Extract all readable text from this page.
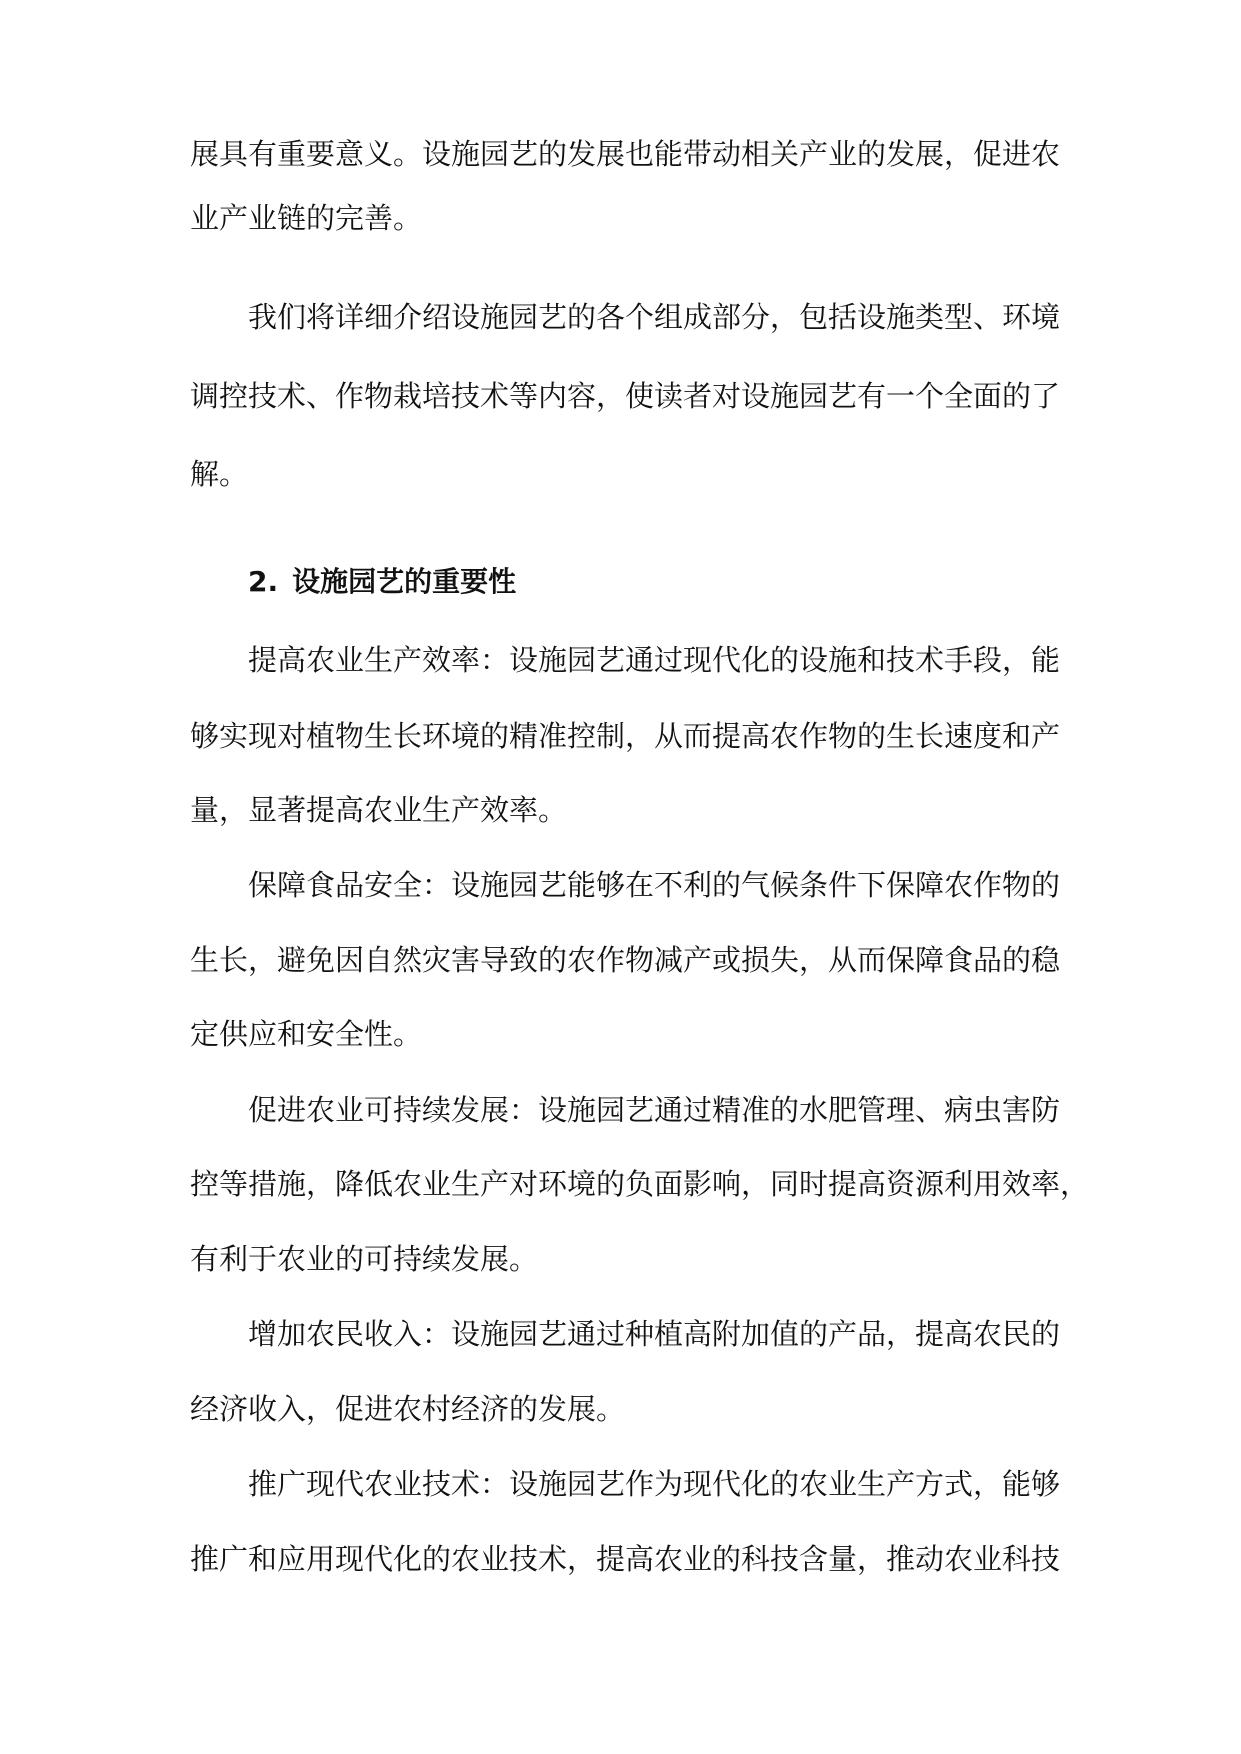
展具有重要意义。设施园艺的发展也能带动相关产业的发展，促进农
业产业链的完善。
我们将详细介绍设施园艺的各个组成部分，包括设施类型、环境
调控技术、作物栽培技术等内容，使读者对设施园艺有一个全面的了
解。
2. 设施园艺的重要性
提高农业生产效率：设施园艺通过现代化的设施和技术手段，能
够实现对植物生长环境的精准控制，从而提高农作物的生长速度和产
量，显著提高农业生产效率。
保障食品安全：设施园艺能够在不利的气候条件下保障农作物的
生长，避免因自然灾害导致的农作物减产或损失，从而保障食品的稳
定供应和安全性。
促进农业可持续发展：设施园艺通过精准的水肥管理、病虫害防
控等措施，降低农业生产对环境的负面影响，同时提高资源利用效率，
有利于农业的可持续发展。
增加农民收入：设施园艺通过种植高附加值的产品，提高农民的
经济收入，促进农村经济的发展。
推广现代农业技术：设施园艺作为现代化的农业生产方式，能够
推广和应用现代化的农业技术，提高农业的科技含量，推动农业科技
